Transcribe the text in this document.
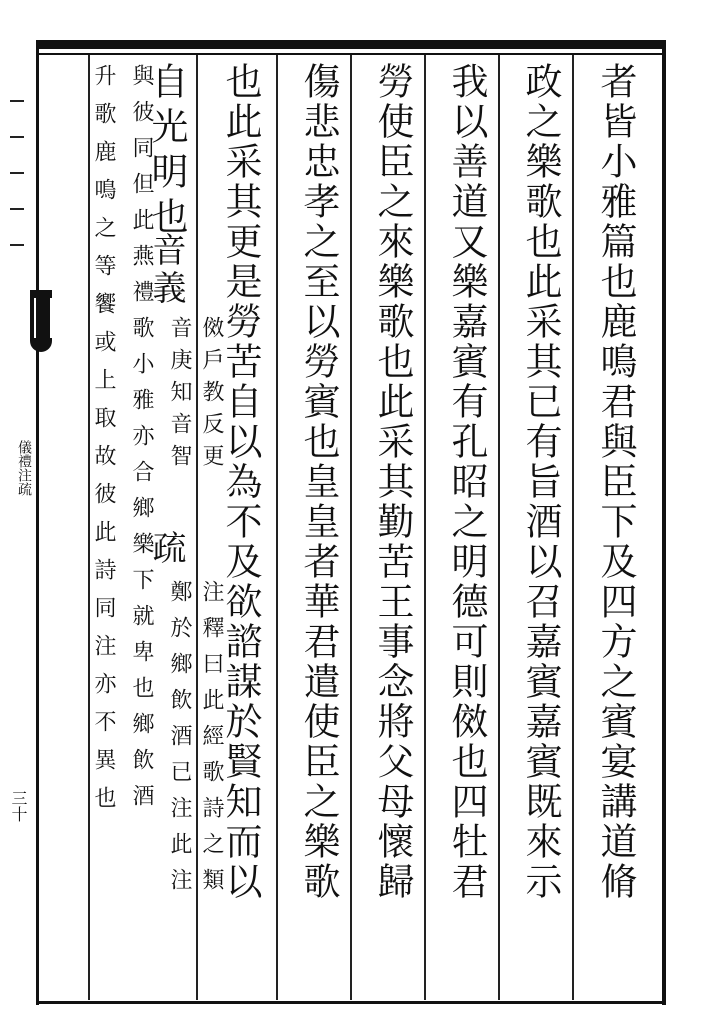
儀禮注疏
三十	者皆小雅篇也鹿鳴君與臣下及四方之賓宴講道脩
政之樂歌也此采其已有旨酒以召嘉賓嘉賓既來示
我以善道又樂嘉賓有孔昭之明德可則傚也四牡君
勞使臣之來樂歌也此采其勤苦王事念將父母懷歸
傷悲忠孝之至以勞賓也皇皇者華君遣使臣之樂歌
也此采其更是勞苦自以為不及欲諮謀於賢知而以
自光明也
音義
傚戶教反更
音庚知音智
疏
注釋曰此經歌詩之類
鄭於鄉飲酒已注此注
與彼同但此燕禮歌小雅亦合鄉樂下就卑也鄉飲酒
升歌鹿鳴之等饗或上取故彼此詩同注亦不異也
